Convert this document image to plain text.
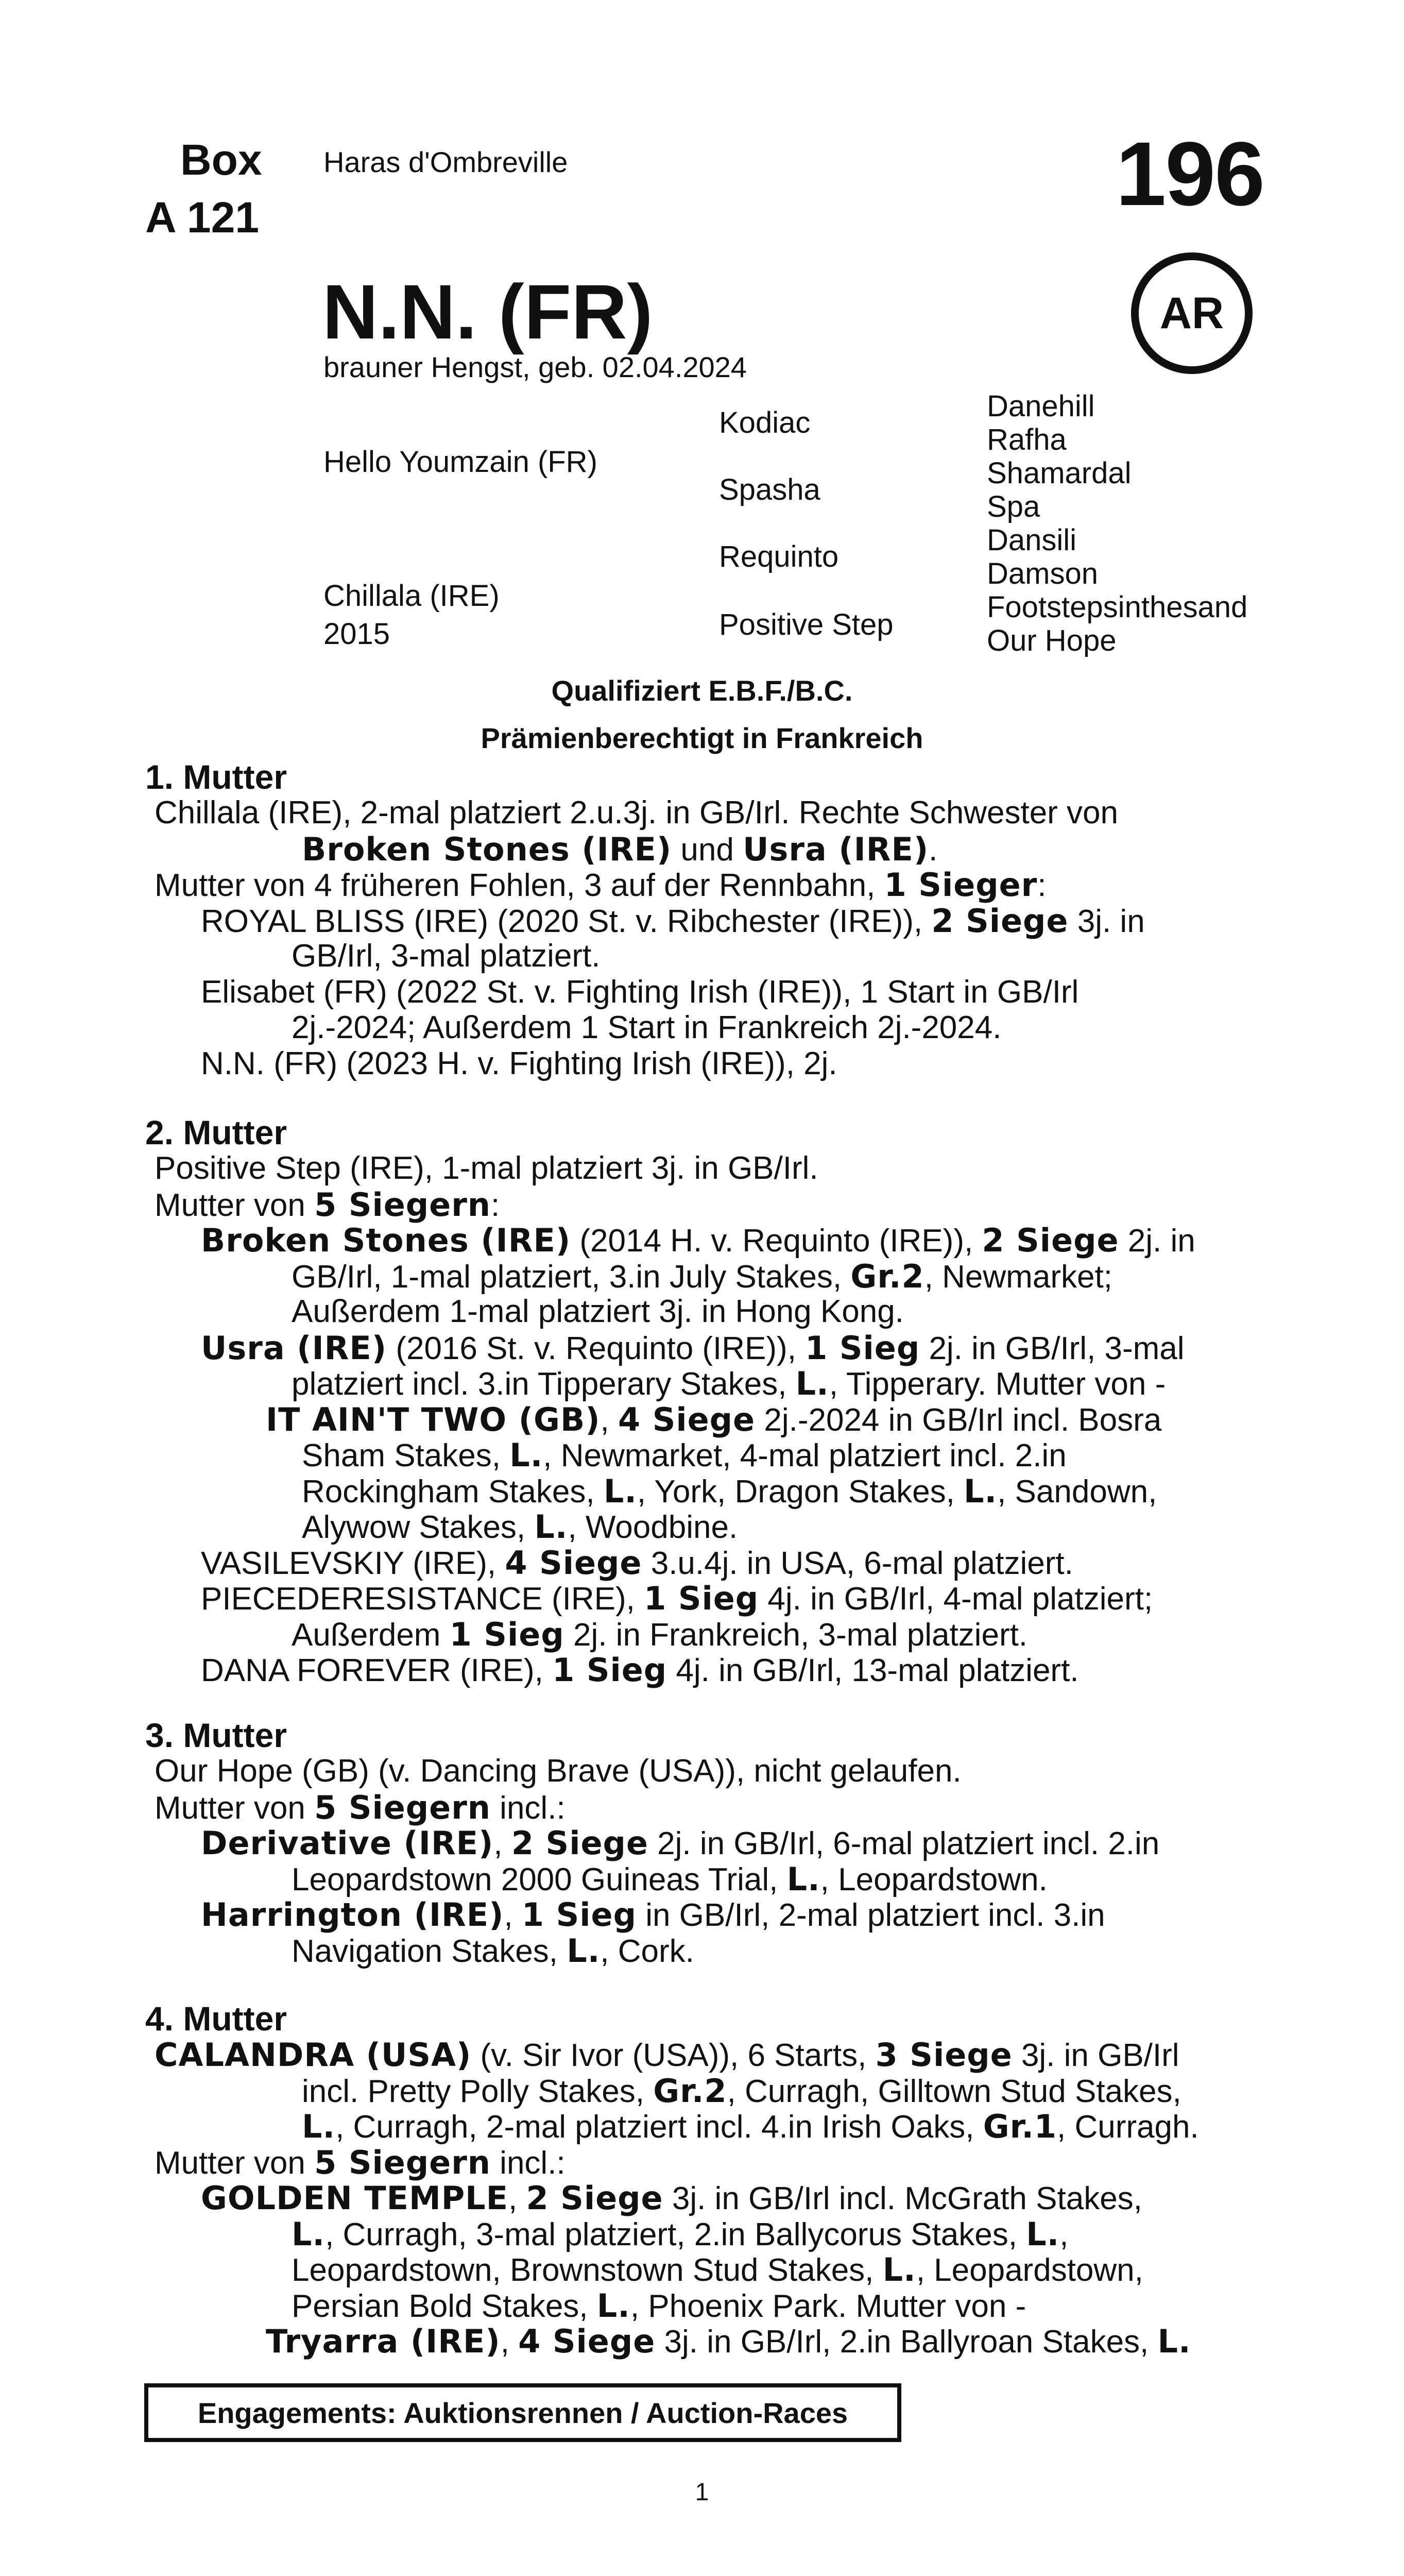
Box
A 121
Haras d'Ombreville	196
AR
N.N. (FR)
brauner Hengst, geb. 02.04.2024
Hello Youmzain (FR)
Chillala (IRE)
2015
Kodiac
Spasha
Requinto
Positive Step
Danehill
Rafha
Shamardal
Spa
Dansili
Damson
Footstepsinthesand
Our Hope
Qualifiziert E.B.F./B.C.
Prämienberechtigt in Frankreich
1. Mutter
Chillala (IRE), 2-mal platziert 2.u.3j. in GB/Irl. Rechte Schwester von
Broken Stones (IRE) und Usra (IRE).
Mutter von 4 früheren Fohlen, 3 auf der Rennbahn, 1 Sieger:
ROYAL BLISS (IRE) (2020 St. v. Ribchester (IRE)), 2 Siege 3j. in
GB/Irl, 3-mal platziert.
Elisabet (FR) (2022 St. v. Fighting Irish (IRE)), 1 Start in GB/Irl
2j.-2024; Außerdem 1 Start in Frankreich 2j.-2024.
N.N. (FR) (2023 H. v. Fighting Irish (IRE)), 2j.
2. Mutter
Positive Step (IRE), 1-mal platziert 3j. in GB/Irl.
Mutter von 5 Siegern:
Broken Stones (IRE) (2014 H. v. Requinto (IRE)), 2 Siege 2j. in
GB/Irl, 1-mal platziert, 3.in July Stakes, Gr.2, Newmarket;
Außerdem 1-mal platziert 3j. in Hong Kong.
Usra (IRE) (2016 St. v. Requinto (IRE)), 1 Sieg 2j. in GB/Irl, 3-mal
platziert incl. 3.in Tipperary Stakes, L., Tipperary. Mutter von -
IT AIN'T TWO (GB), 4 Siege 2j.-2024 in GB/Irl incl. Bosra
Sham Stakes, L., Newmarket, 4-mal platziert incl. 2.in
Rockingham Stakes, L., York, Dragon Stakes, L., Sandown,
Alywow Stakes, L., Woodbine.
VASILEVSKIY (IRE), 4 Siege 3.u.4j. in USA, 6-mal platziert.
PIECEDERESISTANCE (IRE), 1 Sieg 4j. in GB/Irl, 4-mal platziert;
Außerdem 1 Sieg 2j. in Frankreich, 3-mal platziert.
DANA FOREVER (IRE), 1 Sieg 4j. in GB/Irl, 13-mal platziert.
3. Mutter
Our Hope (GB) (v. Dancing Brave (USA)), nicht gelaufen.
Mutter von 5 Siegern incl.:
Derivative (IRE), 2 Siege 2j. in GB/Irl, 6-mal platziert incl. 2.in
Leopardstown 2000 Guineas Trial, L., Leopardstown.
Harrington (IRE), 1 Sieg in GB/Irl, 2-mal platziert incl. 3.in
Navigation Stakes, L., Cork.
4. Mutter
CALANDRA (USA) (v. Sir Ivor (USA)), 6 Starts, 3 Siege 3j. in GB/Irl
incl. Pretty Polly Stakes, Gr.2, Curragh, Gilltown Stud Stakes,
L., Curragh, 2-mal platziert incl. 4.in Irish Oaks, Gr.1, Curragh.
Mutter von 5 Siegern incl.:
GOLDEN TEMPLE, 2 Siege 3j. in GB/Irl incl. McGrath Stakes,
L., Curragh, 3-mal platziert, 2.in Ballycorus Stakes, L.,
Leopardstown, Brownstown Stud Stakes, L., Leopardstown,
Persian Bold Stakes, L., Phoenix Park. Mutter von -
Tryarra (IRE), 4 Siege 3j. in GB/Irl, 2.in Ballyroan Stakes, L.
Engagements: Auktionsrennen / Auction-Races
1
